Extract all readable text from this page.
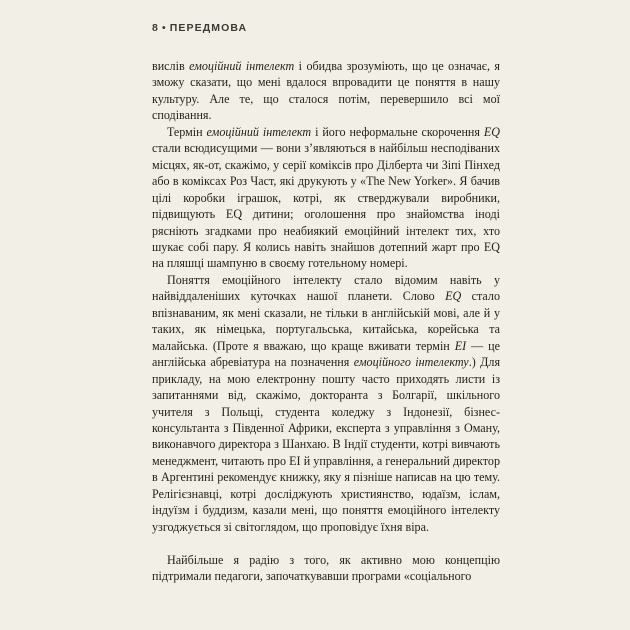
8 • ПЕРЕДМОВА

вислів емоційний інтелект і обидва зрозуміють, що це означає, я зможу сказати, що мені вдалося впровадити це поняття в нашу культуру. Але те, що сталося потім, перевершило всі мої сподівання.

Термін емоційний інтелект і його неформальне скорочення EQ стали всюдисущими — вони з’являються в найбільш несподіваних місцях, як-от, скажімо, у серії коміксів про Ділберта чи Зіпі Пінхед або в коміксах Роз Част, які друкують у «The New Yorker». Я бачив цілі коробки іграшок, котрі, як стверджували виробники, підвищують EQ дитини; оголошення про знайомства іноді рясніють згадками про неабиякий емоційний інтелект тих, хто шукає собі пару. Я колись навіть знайшов дотепний жарт про EQ на пляшці шампуню в своєму готельному номері.

Поняття емоційного інтелекту стало відомим навіть у найвіддаленіших куточках нашої планети. Слово EQ стало впізнаваним, як мені сказали, не тільки в англійській мові, але й у таких, як німецька, португальська, китайська, корейська та малайська. (Проте я вважаю, що краще вживати термін EI — це англійська абревіатура на позначення емоційного інтелекту.) Для прикладу, на мою електронну пошту часто приходять листи із запитаннями від, скажімо, докторанта з Болгарії, шкільного учителя з Польщі, студента коледжу з Індонезії, бізнес-консультанта з Південної Африки, експерта з управління з Оману, виконавчого директора з Шанхаю. В Індії студенти, котрі вивчають менеджмент, читають про EI й управління, а генеральний директор в Аргентині рекомендує книжку, яку я пізніше написав на цю тему. Релігієзнавці, котрі досліджують християнство, юдаїзм, іслам, індуїзм і буддизм, казали мені, що поняття емоційного інтелекту узгоджується зі світоглядом, що проповідує їхня віра.

Найбільше я радію з того, як активно мою концепцію підтримали педагоги, започаткувавши програми «соціального
